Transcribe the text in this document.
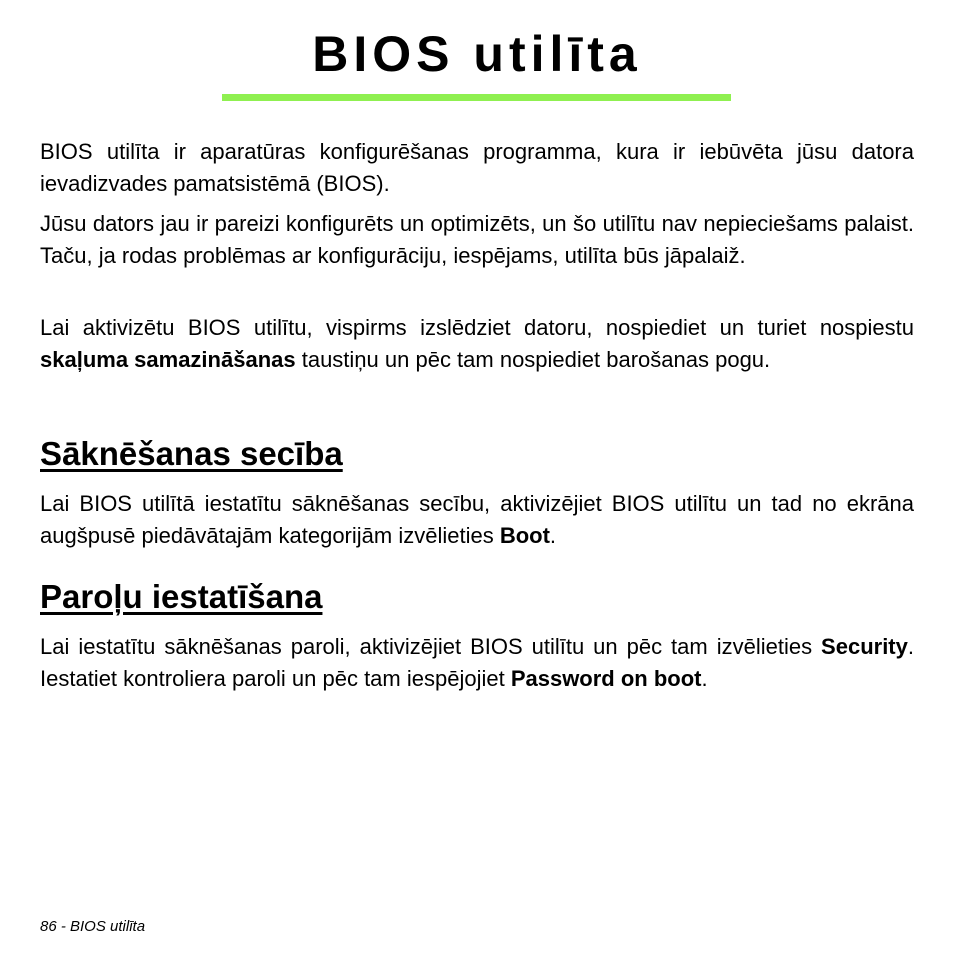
BIOS utilīta

BIOS utilīta ir aparatūras konfigurēšanas programma, kura ir iebūvēta jūsu datora ievadizvades pamatsistēmā (BIOS).

Jūsu dators jau ir pareizi konfigurēts un optimizēts, un šo utilītu nav nepieciešams palaist. Taču, ja rodas problēmas ar konfigurāciju, iespējams, utilīta būs jāpalaiž.

Lai aktivizētu BIOS utilītu, vispirms izslēdziet datoru, nospiediet un turiet nospiestu skaļuma samazināšanas taustiņu un pēc tam nospiediet barošanas pogu.

Sāknēšanas secība

Lai BIOS utilītā iestatītu sāknēšanas secību, aktivizējiet BIOS utilītu un tad no ekrāna augšpusē piedāvātajām kategorijām izvēlieties Boot.

Paroļu iestatīšana

Lai iestatītu sāknēšanas paroli, aktivizējiet BIOS utilītu un pēc tam izvēlieties Security. Iestatiet kontroliera paroli un pēc tam iespējojiet Password on boot.

86 - BIOS utilīta
